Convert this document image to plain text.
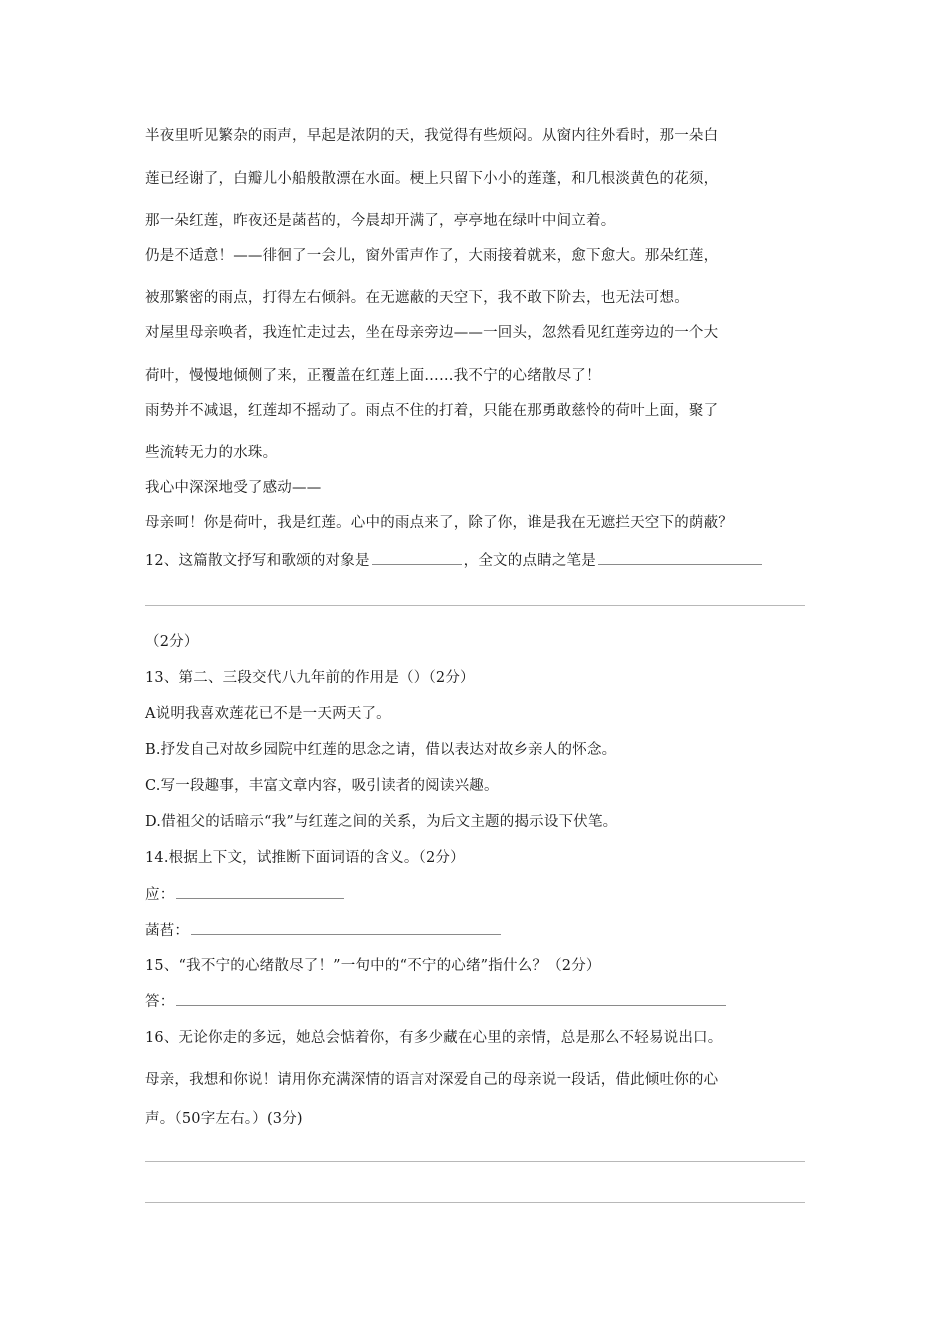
半夜里听见繁杂的雨声，早起是浓阴的天，我觉得有些烦闷。从窗内往外看时，那一朵白
莲已经谢了，白瓣儿小船般散漂在水面。梗上只留下小小的莲蓬，和几根淡黄色的花须，
那一朵红莲，昨夜还是菡萏的，今晨却开满了，亭亭地在绿叶中间立着。
仍是不适意！——徘徊了一会儿，窗外雷声作了，大雨接着就来，愈下愈大。那朵红莲，
被那繁密的雨点，打得左右倾斜。在无遮蔽的天空下，我不敢下阶去，也无法可想。
对屋里母亲唤者，我连忙走过去，坐在母亲旁边——一回头，忽然看见红莲旁边的一个大
荷叶，慢慢地倾侧了来，正覆盖在红莲上面……我不宁的心绪散尽了！
雨势并不减退，红莲却不摇动了。雨点不住的打着，只能在那勇敢慈怜的荷叶上面，聚了
些流转无力的水珠。
我心中深深地受了感动——
母亲呵！你是荷叶，我是红莲。心中的雨点来了，除了你，谁是我在无遮拦天空下的荫蔽？
12、这篇散文抒写和歌颂的对象是	，全文的点睛之笔是
（2分）
13、第二、三段交代八九年前的作用是（）（2分）
A说明我喜欢莲花已不是一天两天了。
B.抒发自己对故乡园院中红莲的思念之请，借以表达对故乡亲人的怀念。
C.写一段趣事，丰富文章内容，吸引读者的阅读兴趣。
D.借祖父的话暗示“我”与红莲之间的关系，为后文主题的揭示设下伏笔。
14.根据上下文，试推断下面词语的含义。（2分）
应：
菡萏：
15、“我不宁的心绪散尽了！”一句中的“不宁的心绪”指什么？（2分）
答：
16、无论你走的多远，她总会惦着你，有多少藏在心里的亲情，总是那么不轻易说出口。
母亲，我想和你说！请用你充满深情的语言对深爱自己的母亲说一段话，借此倾吐你的心
声。（50字左右。）(3分)
